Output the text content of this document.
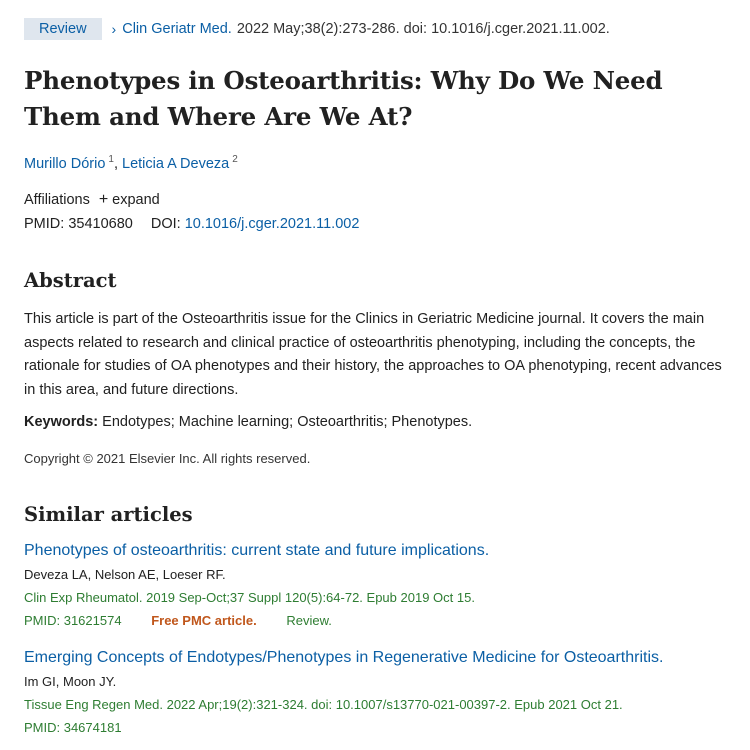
Review	› Clin Geriatr Med. 2022 May;38(2):273-286. doi: 10.1016/j.cger.2021.11.002.
Phenotypes in Osteoarthritis: Why Do We Need Them and Where Are We At?
Murillo Dório $^1$, Leticia A Deveza $^2$
Affiliations + expand
PMID: 35410680 DOI: 10.1016/j.cger.2021.11.002
Abstract

This article is part of the Osteoarthritis issue for the Clinics in Geriatric Medicine journal. It covers the main aspects related to research and clinical practice of osteoarthritis phenotyping, including the concepts, the rationale for studies of OA phenotypes and their history, the approaches to OA phenotyping, recent advances in this area, and future directions.

Keywords: Endotypes; Machine learning; Osteoarthritis; Phenotypes.
Copyright © 2021 Elsevier Inc. All rights reserved.
Similar articles
Phenotypes of osteoarthritis: current state and future implications.
Deveza LA, Nelson AE, Loeser RF.
Clin Exp Rheumatol. 2019 Sep-Oct;37 Suppl 120(5):64-72. Epub 2019 Oct 15.
PMID: 31621574 Free PMC article. Review.
Emerging Concepts of Endotypes/Phenotypes in Regenerative Medicine for Osteoarthritis.
Im GI, Moon JY.
Tissue Eng Regen Med. 2022 Apr;19(2):321-324. doi: 10.1007/s13770-021-00397-2. Epub 2021 Oct 21.
PMID: 34674181
